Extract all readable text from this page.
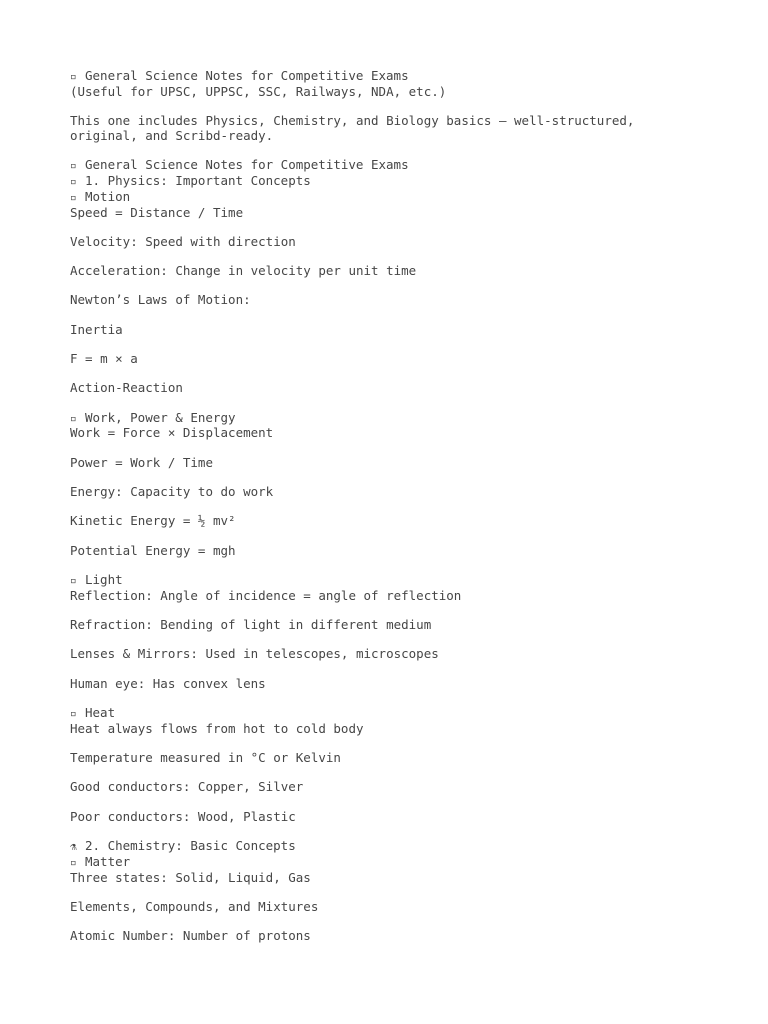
▫ General Science Notes for Competitive Exams
(Useful for UPSC, UPPSC, SSC, Railways, NDA, etc.)
This one includes Physics, Chemistry, and Biology basics — well-structured,
original, and Scribd-ready.
▫ General Science Notes for Competitive Exams
▫ 1. Physics: Important Concepts
▫ Motion
Speed = Distance / Time
Velocity: Speed with direction
Acceleration: Change in velocity per unit time
Newton’s Laws of Motion:
Inertia
F = m × a
Action-Reaction
▫ Work, Power & Energy
Work = Force × Displacement
Power = Work / Time
Energy: Capacity to do work
Kinetic Energy = ½ mv²
Potential Energy = mgh
▫ Light
Reflection: Angle of incidence = angle of reflection
Refraction: Bending of light in different medium
Lenses & Mirrors: Used in telescopes, microscopes
Human eye: Has convex lens
▫ Heat
Heat always flows from hot to cold body
Temperature measured in °C or Kelvin
Good conductors: Copper, Silver
Poor conductors: Wood, Plastic
⚗ 2. Chemistry: Basic Concepts
▫ Matter
Three states: Solid, Liquid, Gas
Elements, Compounds, and Mixtures
Atomic Number: Number of protons
